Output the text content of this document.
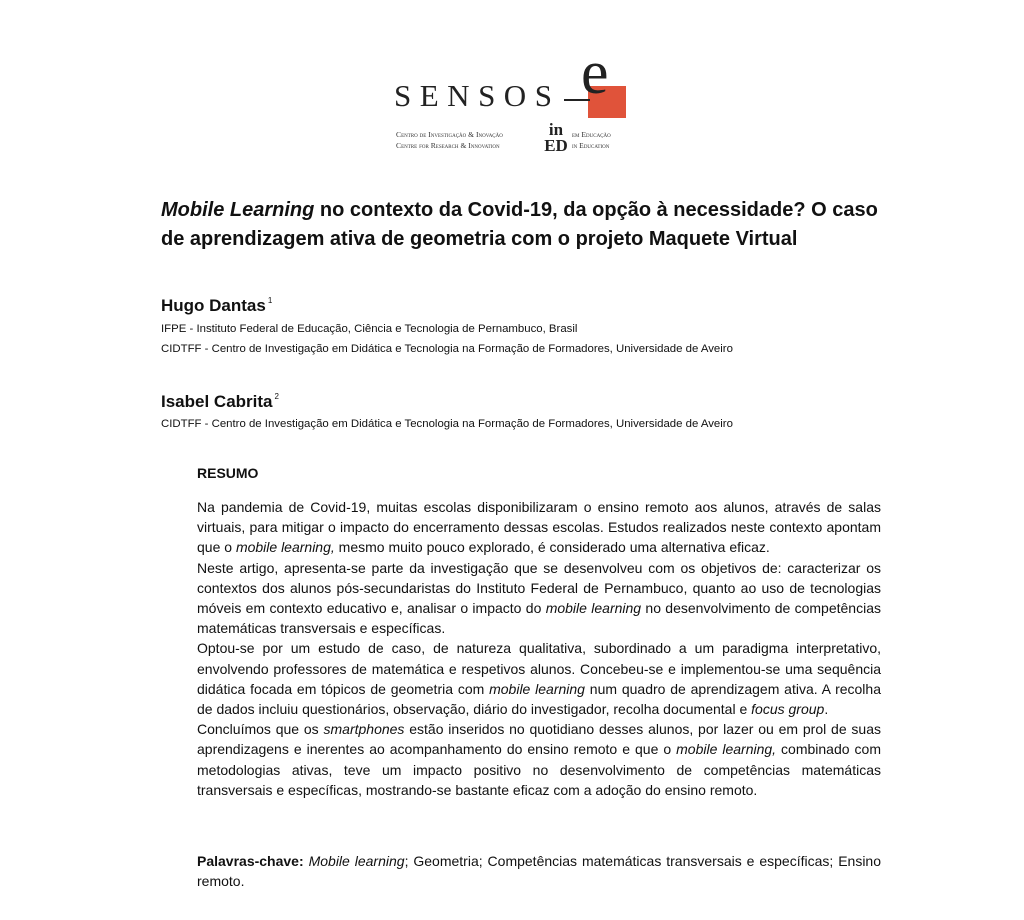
SENSOS e
Centro de Investigação & Inovação
Centre for Research & Innovation
in
ED
em Educação
in Education
Mobile Learning no contexto da Covid-19, da opção à necessidade? O caso de aprendizagem ativa de geometria com o projeto Maquete Virtual
Hugo Dantas $^1$
IFPE - Instituto Federal de Educação, Ciência e Tecnologia de Pernambuco, Brasil
CIDTFF - Centro de Investigação em Didática e Tecnologia na Formação de Formadores, Universidade de Aveiro
Isabel Cabrita $^2$
CIDTFF - Centro de Investigação em Didática e Tecnologia na Formação de Formadores, Universidade de Aveiro
RESUMO

Na pandemia de Covid-19, muitas escolas disponibilizaram o ensino remoto aos alunos, através de salas virtuais, para mitigar o impacto do encerramento dessas escolas. Estudos realizados neste contexto apontam que o mobile learning, mesmo muito pouco explorado, é considerado uma alternativa eficaz.

Neste artigo, apresenta-se parte da investigação que se desenvolveu com os objetivos de: caracterizar os contextos dos alunos pós-secundaristas do Instituto Federal de Pernambuco, quanto ao uso de tecnologias móveis em contexto educativo e, analisar o impacto do mobile learning no desenvolvimento de competências matemáticas transversais e específicas.

Optou-se por um estudo de caso, de natureza qualitativa, subordinado a um paradigma interpretativo, envolvendo professores de matemática e respetivos alunos. Concebeu-se e implementou-se uma sequência didática focada em tópicos de geometria com mobile learning num quadro de aprendizagem ativa. A recolha de dados incluiu questionários, observação, diário do investigador, recolha documental e focus group.

Concluímos que os smartphones estão inseridos no quotidiano desses alunos, por lazer ou em prol de suas aprendizagens e inerentes ao acompanhamento do ensino remoto e que o mobile learning, combinado com metodologias ativas, teve um impacto positivo no desenvolvimento de competências matemáticas transversais e específicas, mostrando-se bastante eficaz com a adoção do ensino remoto.

Palavras-chave: Mobile learning; Geometria; Competências matemáticas transversais e específicas; Ensino remoto.
